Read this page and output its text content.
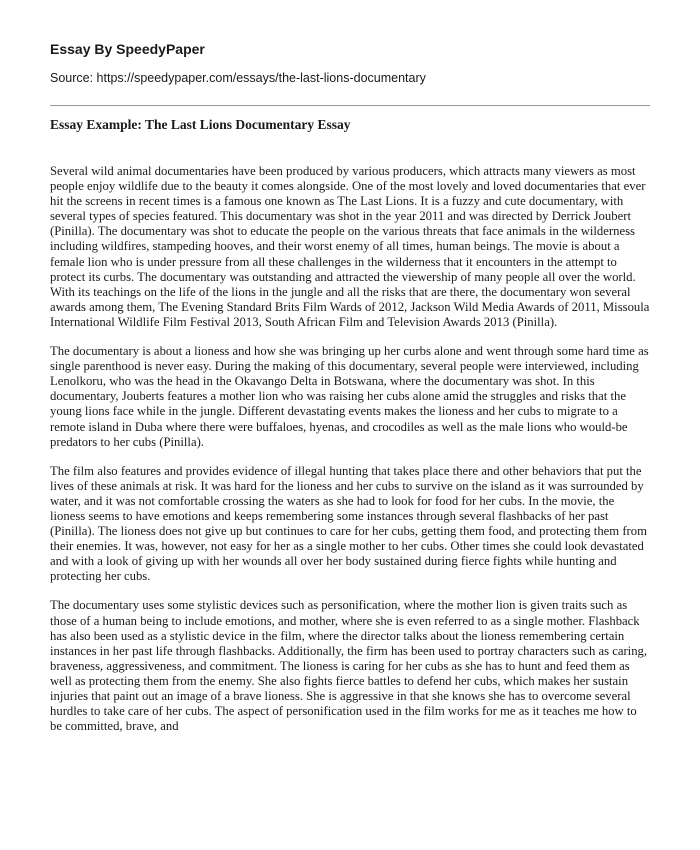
Essay By SpeedyPaper

Source: https://speedypaper.com/essays/the-last-lions-documentary

Essay Example: The Last Lions Documentary Essay

Several wild animal documentaries have been produced by various producers, which attracts many viewers as most people enjoy wildlife due to the beauty it comes alongside. One of the most lovely and loved documentaries that ever hit the screens in recent times is a famous one known as The Last Lions. It is a fuzzy and cute documentary, with several types of species featured. This documentary was shot in the year 2011 and was directed by Derrick Joubert (Pinilla). The documentary was shot to educate the people on the various threats that face animals in the wilderness including wildfires, stampeding hooves, and their worst enemy of all times, human beings. The movie is about a female lion who is under pressure from all these challenges in the wilderness that it encounters in the attempt to protect its curbs. The documentary was outstanding and attracted the viewership of many people all over the world. With its teachings on the life of the lions in the jungle and all the risks that are there, the documentary won several awards among them, The Evening Standard Brits Film Wards of 2012, Jackson Wild Media Awards of 2011, Missoula International Wildlife Film Festival 2013, South African Film and Television Awards 2013 (Pinilla).

The documentary is about a lioness and how she was bringing up her curbs alone and went through some hard time as single parenthood is never easy. During the making of this documentary, several people were interviewed, including Lenolkoru, who was the head in the Okavango Delta in Botswana, where the documentary was shot. In this documentary, Jouberts features a mother lion who was raising her cubs alone amid the struggles and risks that the young lions face while in the jungle. Different devastating events makes the lioness and her cubs to migrate to a remote island in Duba where there were buffaloes, hyenas, and crocodiles as well as the male lions who would-be predators to her cubs (Pinilla).

The film also features and provides evidence of illegal hunting that takes place there and other behaviors that put the lives of these animals at risk. It was hard for the lioness and her cubs to survive on the island as it was surrounded by water, and it was not comfortable crossing the waters as she had to look for food for her cubs. In the movie, the lioness seems to have emotions and keeps remembering some instances through several flashbacks of her past (Pinilla). The lioness does not give up but continues to care for her cubs, getting them food, and protecting them from their enemies. It was, however, not easy for her as a single mother to her cubs. Other times she could look devastated and with a look of giving up with her wounds all over her body sustained during fierce fights while hunting and protecting her cubs.

The documentary uses some stylistic devices such as personification, where the mother lion is given traits such as those of a human being to include emotions, and mother, where she is even referred to as a single mother. Flashback has also been used as a stylistic device in the film, where the director talks about the lioness remembering certain instances in her past life through flashbacks. Additionally, the firm has been used to portray characters such as caring, braveness, aggressiveness, and commitment. The lioness is caring for her cubs as she has to hunt and feed them as well as protecting them from the enemy. She also fights fierce battles to defend her cubs, which makes her sustain injuries that paint out an image of a brave lioness. She is aggressive in that she knows she has to overcome several hurdles to take care of her cubs. The aspect of personification used in the film works for me as it teaches me how to be committed, brave, and
